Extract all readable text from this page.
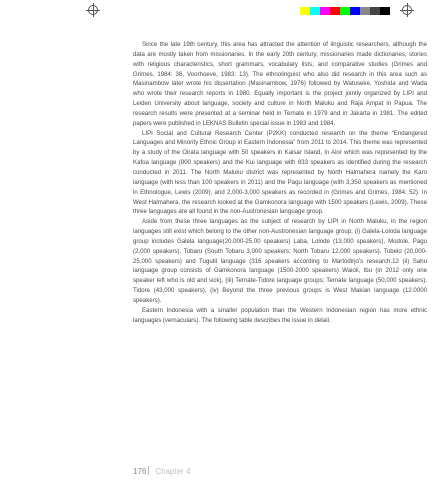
Since the late 19th century, this area has attracted the attention of linguistic researchers, although the data are mostly taken from missionaries. In the early 20th century, missionaries made dictionaries, stories with religious characteristics, short grammars, vocabulary lists, and comparative studies (Grimes and Grimes, 1984: 36, Voorhoeve, 1983: 13). The ethnolinguist who also did research in this area such as Masinambow later wrote his dissertation (Masinambow, 1976) followed by Watuseke, Yoshida and Wada who wrote their research reports in 1980. Equally important is the project jointly organized by LIPI and Leiden University about language, society and culture in North Maluku and Raja Ampat in Papua. The research results were presented at a seminar held in Ternate in 1979 and in Jakarta in 1981. The edited papers were published in LEKNAS Bulletin special issue in 1983 and 1984.

LIPI Social and Cultural Research Center (P2KK) conducted research on the theme “Endangered Languages and Minority Ethnic Group in Eastern Indonesia” from 2011 to 2014. This theme was represented by a study of the Oirata language with 50 speakers in Kaisar Island, in Alor which was represented by the Kafoa language (800 speakers) and the Kui language with 833 speakers as identified during the research conducted in 2011. The North Maluku district was represented by North Halmahera namely the Karo language (with less than 100 speakers in 2011) and the Pagu language (with 3,350 speakers as mentioned in Ethnologue, Lewis (2009), and 2,000-3,000 speakers as recorded in (Grimes and Grimes, 1984: 52). In West Halmahera, the research looked at the Gamkonora language with 1500 speakers (Lewis, 2009). These three languages are all found in the non-Austronesian language group.

Aside from these three languages as the subject of research by LIPI in North Maluku, in the region languages still exist which belong to the other non-Austronesian language group; (i) Galela-Loloda language group includes Galela language(20.000-25.00 speakers) Laba, Lolode (13,000 speakers), Modole, Pagu (2,000 speakers), Tobaru (South Tobaru 3,000 speakers; North Tobaru 12,000 speakers), Tobelo (20,000-25,000 speakers) and Tugutil language (316 speakers according to Martodirjo’s research.12 (ii) Sahu language group consists of Gamkonora language (1500-2000 speakers) Waioli, Ibu (in 2012 only one speaker left who is old and sick), (iii) Ternate-Tidore language groups; Ternate language (50,000 speakers), Tidore (43,000 speakers), (iv) Beyond the three previous groups is West Makian language (12.0000 speakers).

Eastern Indonesia with a smaller population than the Western Indonesian region has more ethnic languages (vernaculars). The following table describes the issue in detail.

176 Chapter 4
